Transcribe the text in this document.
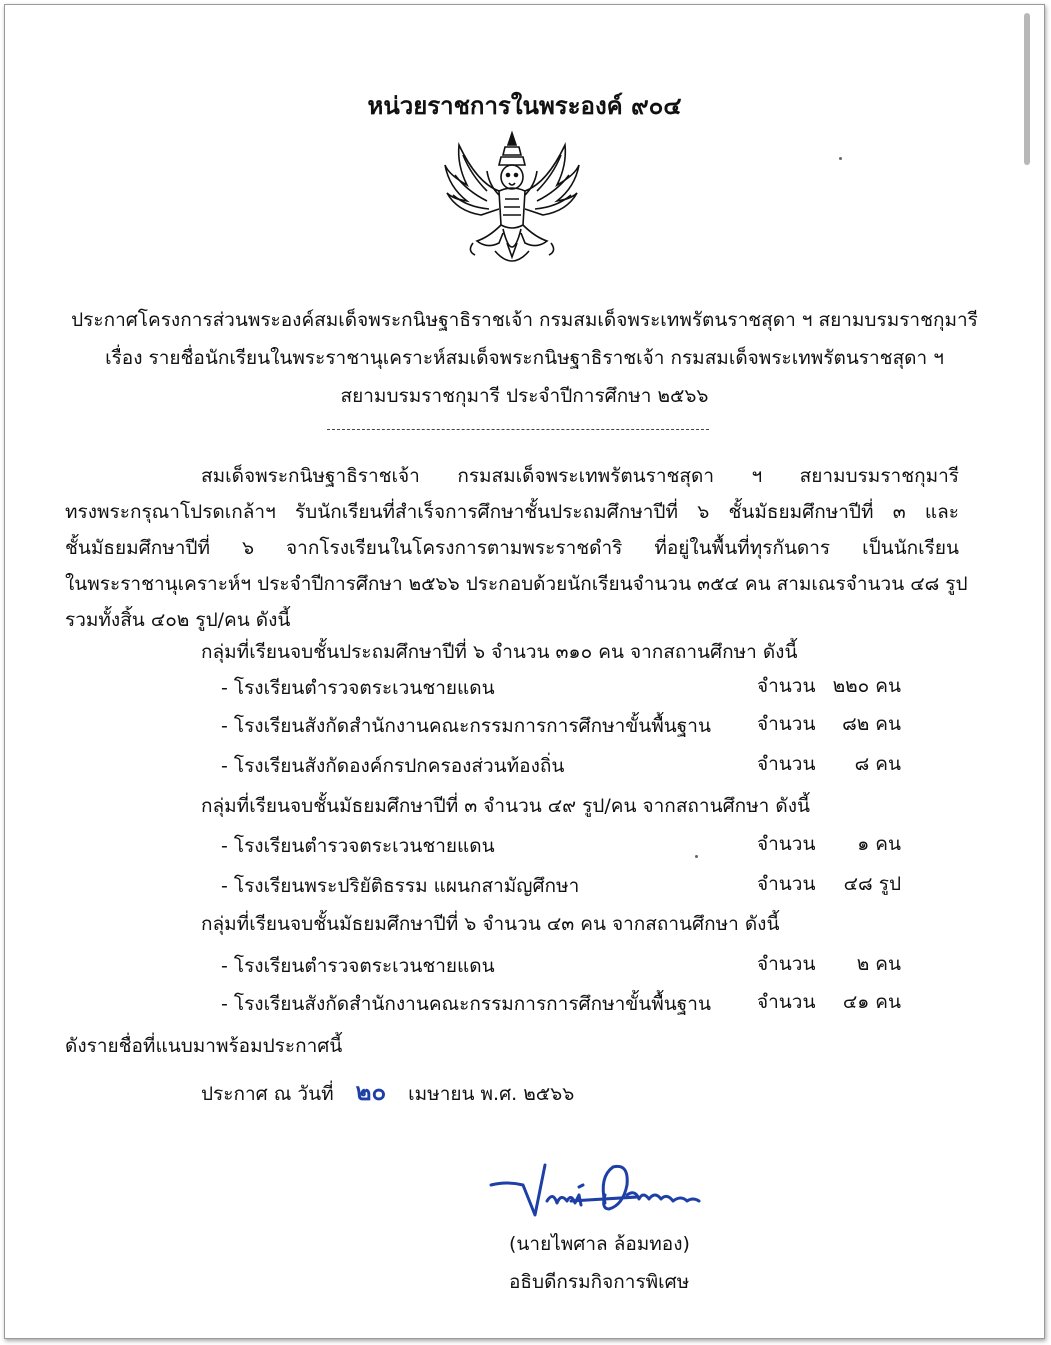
หน่วยราชการในพระองค์ ๙๐๔
ประกาศโครงการส่วนพระองค์สมเด็จพระกนิษฐาธิราชเจ้า กรมสมเด็จพระเทพรัตนราชสุดา ฯ สยามบรมราชกุมารี
เรื่อง รายชื่อนักเรียนในพระราชานุเคราะห์สมเด็จพระกนิษฐาธิราชเจ้า กรมสมเด็จพระเทพรัตนราชสุดา ฯ
สยามบรมราชกุมารี ประจำปีการศึกษา ๒๕๖๖
สมเด็จพระกนิษฐาธิราชเจ้า กรมสมเด็จพระเทพรัตนราชสุดา ฯ สยามบรมราชกุมารี
ทรงพระกรุณาโปรดเกล้าฯ รับนักเรียนที่สำเร็จการศึกษาชั้นประถมศึกษาปีที่ ๖ ชั้นมัธยมศึกษาปีที่ ๓ และ
ชั้นมัธยมศึกษาปีที่ ๖ จากโรงเรียนในโครงการตามพระราชดำริ ที่อยู่ในพื้นที่ทุรกันดาร เป็นนักเรียน
ในพระราชานุเคราะห์ฯ ประจำปีการศึกษา ๒๕๖๖ ประกอบด้วยนักเรียนจำนวน ๓๕๔ คน สามเณรจำนวน ๔๘ รูป
รวมทั้งสิ้น ๔๐๒ รูป/คน ดังนี้
กลุ่มที่เรียนจบชั้นประถมศึกษาปีที่ ๖ จำนวน ๓๑๐ คน จากสถานศึกษา ดังนี้
- โรงเรียนตำรวจตระเวนชายแดน	จำนวน ๒๒๐ คน
- โรงเรียนสังกัดสำนักงานคณะกรรมการการศึกษาขั้นพื้นฐาน จำนวน	๘๒ คน
- โรงเรียนสังกัดองค์กรปกครองส่วนท้องถิ่น	จำนวน	๘ คน
กลุ่มที่เรียนจบชั้นมัธยมศึกษาปีที่ ๓ จำนวน ๔๙ รูป/คน จากสถานศึกษา ดังนี้
- โรงเรียนตำรวจตระเวนชายแดน	จำนวน	๑ คน
- โรงเรียนพระปริยัติธรรม แผนกสามัญศึกษา	จำนวน	๔๘ รูป
กลุ่มที่เรียนจบชั้นมัธยมศึกษาปีที่ ๖ จำนวน ๔๓ คน จากสถานศึกษา ดังนี้
- โรงเรียนตำรวจตระเวนชายแดน	จำนวน	๒ คน
- โรงเรียนสังกัดสำนักงานคณะกรรมการการศึกษาขั้นพื้นฐาน จำนวน	๔๑ คน
ดังรายชื่อที่แนบมาพร้อมประกาศนี้
ประกาศ ณ วันที่ ๒๐ เมษายน พ.ศ. ๒๕๖๖
(นายไพศาล ล้อมทอง)
อธิบดีกรมกิจการพิเศษ
